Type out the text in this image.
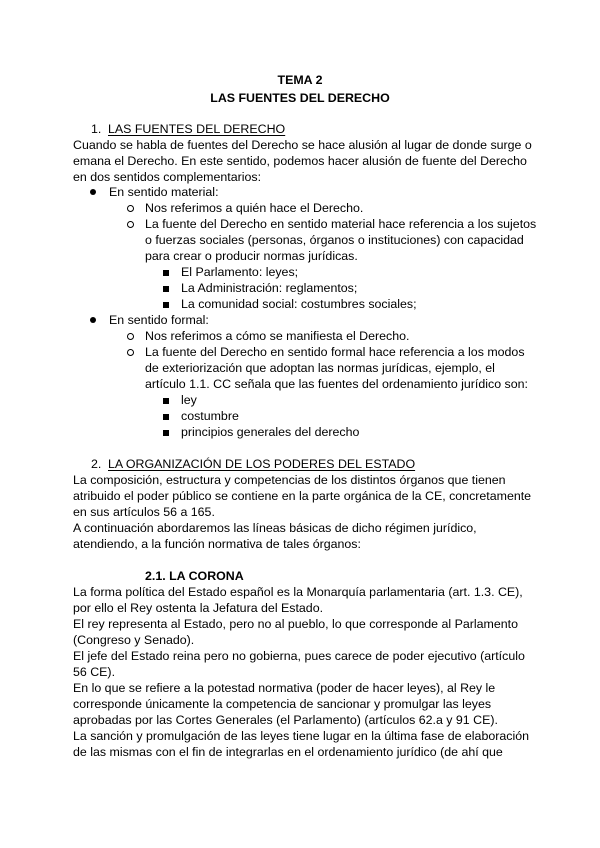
TEMA 2
LAS FUENTES DEL DERECHO
1. LAS FUENTES DEL DERECHO
Cuando se habla de fuentes del Derecho se hace alusión al lugar de donde surge o
emana el Derecho. En este sentido, podemos hacer alusión de fuente del Derecho
en dos sentidos complementarios:
En sentido material:
Nos referimos a quién hace el Derecho.
La fuente del Derecho en sentido material hace referencia a los sujetos
o fuerzas sociales (personas, órganos o instituciones) con capacidad
para crear o producir normas jurídicas.
El Parlamento: leyes;
La Administración: reglamentos;
La comunidad social: costumbres sociales;
En sentido formal:
Nos referimos a cómo se manifiesta el Derecho.
La fuente del Derecho en sentido formal hace referencia a los modos
de exteriorización que adoptan las normas jurídicas, ejemplo, el
artículo 1.1. CC señala que las fuentes del ordenamiento jurídico son:
ley
costumbre
principios generales del derecho
2. LA ORGANIZACIÓN DE LOS PODERES DEL ESTADO
La composición, estructura y competencias de los distintos órganos que tienen
atribuido el poder público se contiene en la parte orgánica de la CE, concretamente
en sus artículos 56 a 165.
A continuación abordaremos las líneas básicas de dicho régimen jurídico,
atendiendo, a la función normativa de tales órganos:
2.1. LA CORONA
La forma política del Estado español es la Monarquía parlamentaria (art. 1.3. CE),
por ello el Rey ostenta la Jefatura del Estado.
El rey representa al Estado, pero no al pueblo, lo que corresponde al Parlamento
(Congreso y Senado).
El jefe del Estado reina pero no gobierna, pues carece de poder ejecutivo (artículo
56 CE).
En lo que se refiere a la potestad normativa (poder de hacer leyes), al Rey le
corresponde únicamente la competencia de sancionar y promulgar las leyes
aprobadas por las Cortes Generales (el Parlamento) (artículos 62.a y 91 CE).
La sanción y promulgación de las leyes tiene lugar en la última fase de elaboración
de las mismas con el fin de integrarlas en el ordenamiento jurídico (de ahí que
